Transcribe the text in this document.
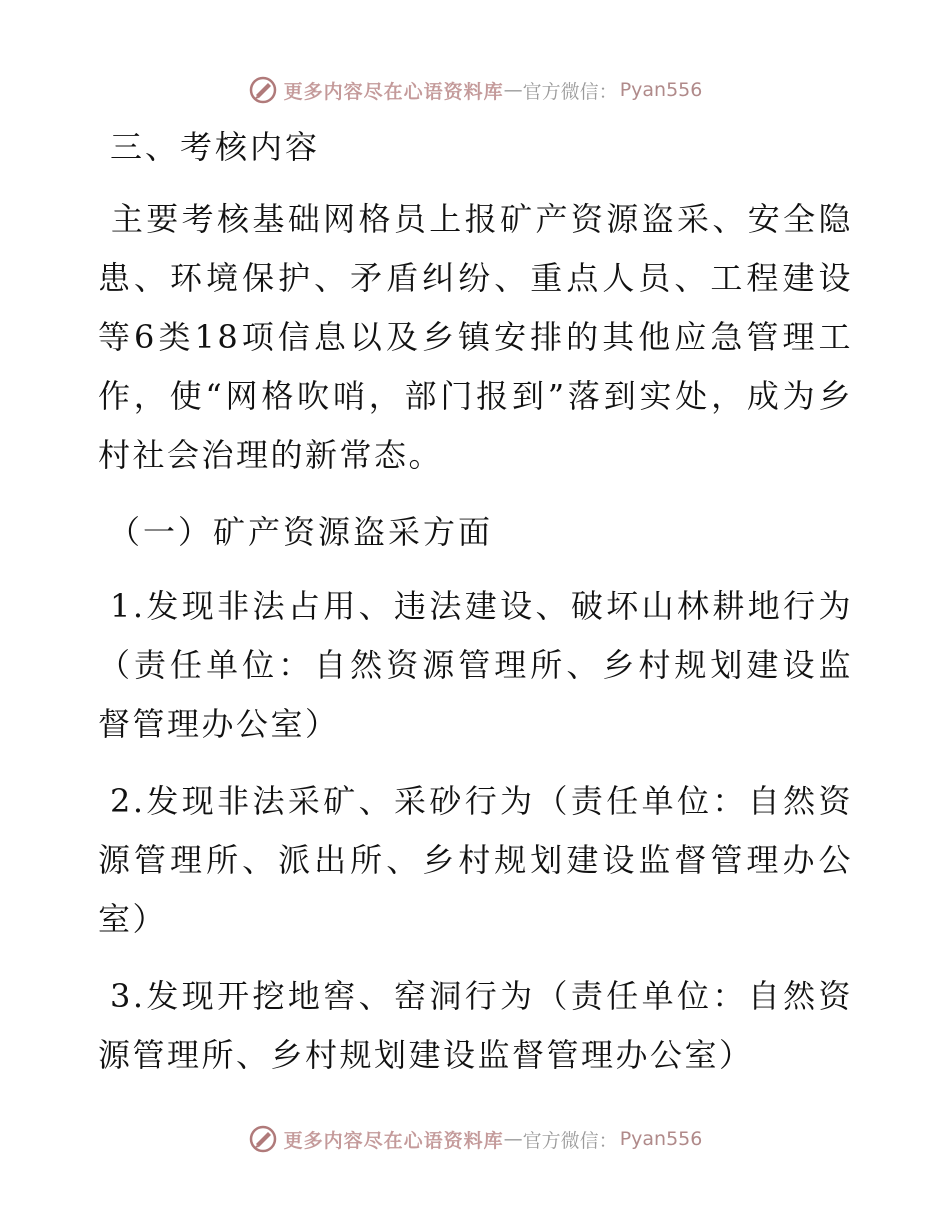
更多内容尽在心语资料库 — 官方微信： Pyan556
三、考核内容

主要考核基础网格员上报矿产资源盗采、安全隐患、环境保护、矛盾纠纷、重点人员、工程建设等6类18项信息以及乡镇安排的其他应急管理工作，使“网格吹哨，部门报到”落到实处，成为乡村社会治理的新常态。

（一）矿产资源盗采方面

1.发现非法占用、违法建设、破坏山林耕地行为（责任单位：自然资源管理所、乡村规划建设监督管理办公室）

2.发现非法采矿、采砂行为（责任单位：自然资源管理所、派出所、乡村规划建设监督管理办公室）

3.发现开挖地窖、窑洞行为（责任单位：自然资源管理所、乡村规划建设监督管理办公室）

更多内容尽在心语资料库 — 官方微信： Pyan556
